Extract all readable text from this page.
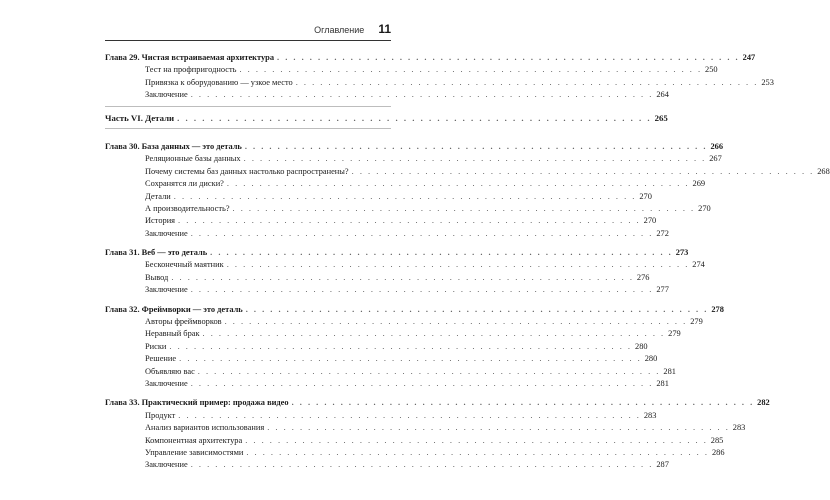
Оглавление 11
Глава 29. Чистая встраиваемая архитектура . . . . . . . . . . . . . . . . . . . . . . . . . . . . . . . . . . . . . . . . . . . . . . . . . . . . . . . . . 247
Тест на профпригодность . . . . . . . . . . . . . . . . . . . . . . . . . . . . . . . . . . . . . . . . . . . . . . . . . . . . . . . . . 250
Привязка к оборудованию — узкое место . . . . . . . . . . . . . . . . . . . . . . . . . . . . . . . . . . . . . . . . . . . . . . . . . . . . . . . . . 253
Заключение . . . . . . . . . . . . . . . . . . . . . . . . . . . . . . . . . . . . . . . . . . . . . . . . . . . . . . . . . 264
Часть VI. Детали . . . . . . . . . . . . . . . . . . . . . . . . . . . . . . . . . . . . . . . . . . . . . . . . . . . . . . . . . 265
Глава 30. База данных — это деталь . . . . . . . . . . . . . . . . . . . . . . . . . . . . . . . . . . . . . . . . . . . . . . . . . . . . . . . . . 266
Реляционные базы данных . . . . . . . . . . . . . . . . . . . . . . . . . . . . . . . . . . . . . . . . . . . . . . . . . . . . . . . . . 267
Почему системы баз данных настолько распространены? . . . . . . . . . . . . . . . . . . . . . . . . . . . . . . . . . . . . . . . . . . . . . . . . . . . . . . . . . 268
Сохранятся ли диски? . . . . . . . . . . . . . . . . . . . . . . . . . . . . . . . . . . . . . . . . . . . . . . . . . . . . . . . . . 269
Детали . . . . . . . . . . . . . . . . . . . . . . . . . . . . . . . . . . . . . . . . . . . . . . . . . . . . . . . . . 270
А производительность? . . . . . . . . . . . . . . . . . . . . . . . . . . . . . . . . . . . . . . . . . . . . . . . . . . . . . . . . . 270
История . . . . . . . . . . . . . . . . . . . . . . . . . . . . . . . . . . . . . . . . . . . . . . . . . . . . . . . . . 270
Заключение . . . . . . . . . . . . . . . . . . . . . . . . . . . . . . . . . . . . . . . . . . . . . . . . . . . . . . . . . 272
Глава 31. Веб — это деталь . . . . . . . . . . . . . . . . . . . . . . . . . . . . . . . . . . . . . . . . . . . . . . . . . . . . . . . . . 273
Бесконечный маятник . . . . . . . . . . . . . . . . . . . . . . . . . . . . . . . . . . . . . . . . . . . . . . . . . . . . . . . . . 274
Вывод . . . . . . . . . . . . . . . . . . . . . . . . . . . . . . . . . . . . . . . . . . . . . . . . . . . . . . . . . 276
Заключение . . . . . . . . . . . . . . . . . . . . . . . . . . . . . . . . . . . . . . . . . . . . . . . . . . . . . . . . . 277
Глава 32. Фреймворки — это деталь . . . . . . . . . . . . . . . . . . . . . . . . . . . . . . . . . . . . . . . . . . . . . . . . . . . . . . . . . 278
Авторы фреймворков . . . . . . . . . . . . . . . . . . . . . . . . . . . . . . . . . . . . . . . . . . . . . . . . . . . . . . . . . 279
Неравный брак . . . . . . . . . . . . . . . . . . . . . . . . . . . . . . . . . . . . . . . . . . . . . . . . . . . . . . . . . 279
Риски . . . . . . . . . . . . . . . . . . . . . . . . . . . . . . . . . . . . . . . . . . . . . . . . . . . . . . . . . 280
Решение . . . . . . . . . . . . . . . . . . . . . . . . . . . . . . . . . . . . . . . . . . . . . . . . . . . . . . . . . 280
Объявляю вас . . . . . . . . . . . . . . . . . . . . . . . . . . . . . . . . . . . . . . . . . . . . . . . . . . . . . . . . . 281
Заключение . . . . . . . . . . . . . . . . . . . . . . . . . . . . . . . . . . . . . . . . . . . . . . . . . . . . . . . . . 281
Глава 33. Практический пример: продажа видео . . . . . . . . . . . . . . . . . . . . . . . . . . . . . . . . . . . . . . . . . . . . . . . . . . . . . . . . . 282
Продукт . . . . . . . . . . . . . . . . . . . . . . . . . . . . . . . . . . . . . . . . . . . . . . . . . . . . . . . . . 283
Анализ вариантов использования . . . . . . . . . . . . . . . . . . . . . . . . . . . . . . . . . . . . . . . . . . . . . . . . . . . . . . . . . 283
Компонентная архитектура . . . . . . . . . . . . . . . . . . . . . . . . . . . . . . . . . . . . . . . . . . . . . . . . . . . . . . . . . 285
Управление зависимостями . . . . . . . . . . . . . . . . . . . . . . . . . . . . . . . . . . . . . . . . . . . . . . . . . . . . . . . . . 286
Заключение . . . . . . . . . . . . . . . . . . . . . . . . . . . . . . . . . . . . . . . . . . . . . . . . . . . . . . . . . 287
